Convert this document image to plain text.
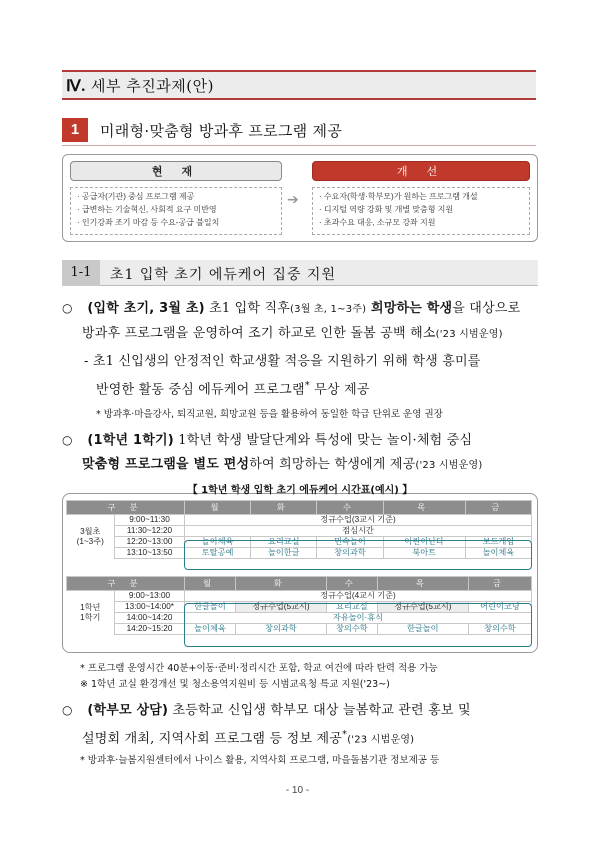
Ⅳ. 세부 추진과제(안)
1	미래형·맞춤형 방과후 프로그램 제공
현 재	개 선
· 공급자(기관) 중심 프로그램 제공
· 급변하는 기술혁신, 사회적 요구 미반영
· 인기강좌 조기 마감 등 수요-공급 불일치
➔	· 수요자(학생·학부모)가 원하는 프로그램 개설
· 디지털 역량 강화 및 개별 맞춤형 지원
· 초과수요 대응, 소규모 강좌 지원
1-1	초1 입학 초기 에듀케어 집중 지원
○ (입학 초기, 3월 초) 초1 입학 직후(3월 초, 1~3주) 희망하는 학생을 대상으로
방과후 프로그램을 운영하여 조기 하교로 인한 돌봄 공백 해소('23 시범운영)
- 초1 신입생의 안정적인 학교생활 적응을 지원하기 위해 학생 흥미를
반영한 활동 중심 에듀케어 프로그램* 무상 제공
* 방과후·마을강사, 퇴직교원, 희망교원 등을 활용하여 동일한 학급 단위로 운영 권장
○ (1학년 1학기) 1학년 학생 발달단계와 특성에 맞는 놀이·체험 중심
맞춤형 프로그램을 별도 편성하여 희망하는 학생에게 제공('23 시범운영)
【 1학년 학생 입학 초기 에듀케어 시간표(예시) 】
구 분		월	화	수	목	금

3월초
(1~3주)	9:00~11:30	정규수업(3교시 기준)				
	11:30~12:20	점심시간				
	12:20~13:00	놀이체육	요리교실	민속놀이	어린이난타	보드게임
	13:10~13:50	토탈공예	놀이한글	창의과학	북아트	놀이체육
구 분		월	화	수	목	금

1학년
1학기	9:00~13:00	정규수업(4교시 기준)				
	13:00~14:00*	한글놀이	정규수업(5교시)	요리교실	정규수업(5교시)	어린이코딩
	14:00~14:20	자유놀이·휴식				
	14:20~15:20	놀이체육	창의과학	창의수학	한글놀이	창의수학
* 프로그램 운영시간 40분+이동·준비·정리시간 포함, 학교 여건에 따라 탄력 적용 가능
※ 1학년 교실 환경개선 및 청소용역지원비 등 시범교육청 특교 지원('23~)
○ (학부모 상담) 초등학교 신입생 학부모 대상 늘봄학교 관련 홍보 및
설명회 개최, 지역사회 프로그램 등 정보 제공*('23 시범운영)
* 방과후·늘봄지원센터에서 나이스 활용, 지역사회 프로그램, 마을돌봄기관 정보제공 등
- 10 -
